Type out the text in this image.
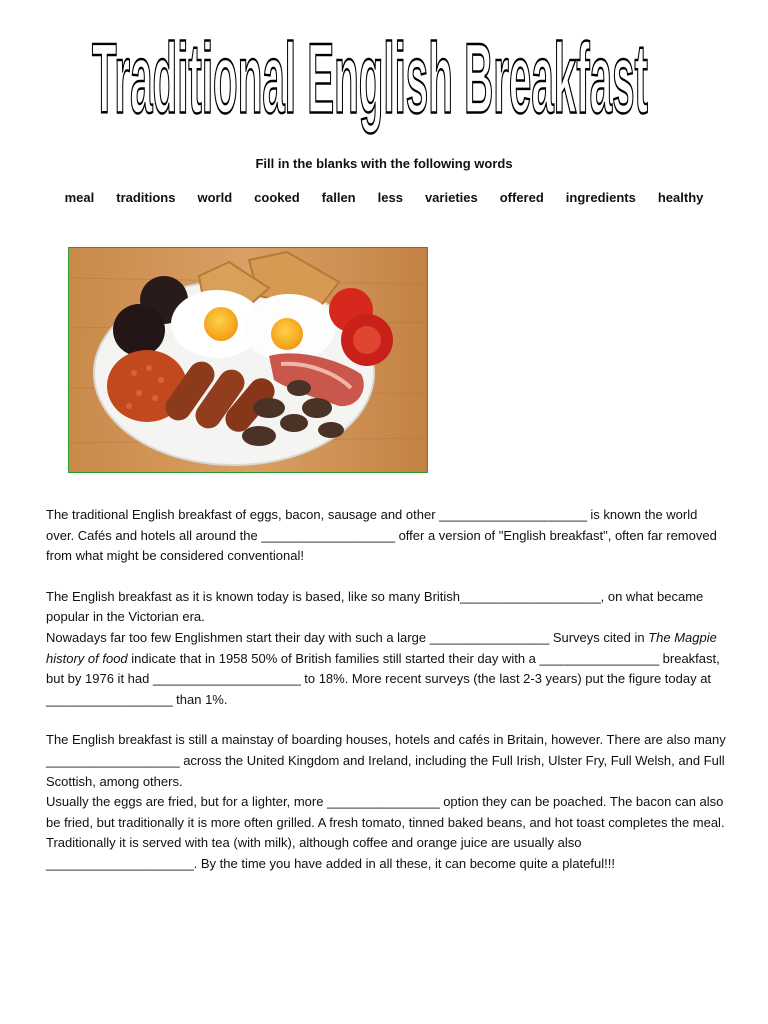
Traditional English Breakfast
Fill in the blanks with the following words
meal traditions world cooked fallen less varieties offered ingredients healthy

The traditional English breakfast of eggs, bacon, sausage and other _____________________ is known the world over. Cafés and hotels all around the ___________________ offer a version of "English breakfast", often far removed from what might be considered conventional!

The English breakfast as it is known today is based, like so many British____________________, on what became popular in the Victorian era.

Nowadays far too few Englishmen start their day with such a large _________________ Surveys cited in The Magpie history of food indicate that in 1958 50% of British families still started their day with a _________________ breakfast, but by 1976 it had _____________________ to 18%. More recent surveys (the last 2-3 years) put the figure today at __________________ than 1%.

The English breakfast is still a mainstay of boarding houses, hotels and cafés in Britain, however. There are also many ___________________ across the United Kingdom and Ireland, including the Full Irish, Ulster Fry, Full Welsh, and Full Scottish, among others.

Usually the eggs are fried, but for a lighter, more ________________ option they can be poached. The bacon can also be fried, but traditionally it is more often grilled. A fresh tomato, tinned baked beans, and hot toast completes the meal. Traditionally it is served with tea (with milk), although coffee and orange juice are usually also _____________________. By the time you have added in all these, it can become quite a plateful!!!
